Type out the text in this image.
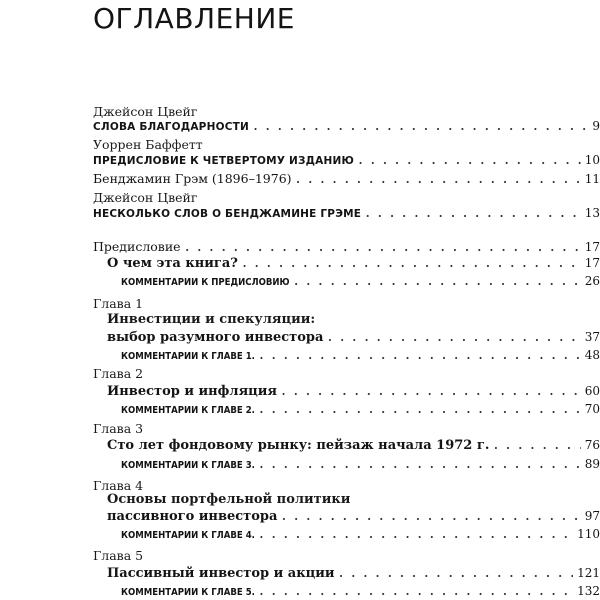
ОГЛАВЛЕНИЕ
Джейсон Цвейг
СЛОВА БЛАГОДАРНОСТИ . . .	9
Уоррен Баффетт
ПРЕДИСЛОВИЕ К ЧЕТВЕРТОМУ ИЗДАНИЮ . . .	10
Бенджамин Грэм (1896–1976) . . .	11
Джейсон Цвейг
НЕСКОЛЬКО СЛОВ О БЕНДЖАМИНЕ ГРЭМЕ . . .	13
Предисловие . . .	17
О чем эта книга? . . .	17
КОММЕНТАРИИ К ПРЕДИСЛОВИЮ . . .	26
Глава 1
Инвестиции и спекуляции:
выбор разумного инвестора . . .	37
КОММЕНТАРИИ К ГЛАВЕ 1. . . .	48
Глава 2
Инвестор и инфляция . . .	60
КОММЕНТАРИИ К ГЛАВЕ 2. . . .	70
Глава 3
Сто лет фондовому рынку: пейзаж начала 1972 г. . . .	76
КОММЕНТАРИИ К ГЛАВЕ 3. . . .	89
Глава 4
Основы портфельной политики
пассивного инвестора . . .	97
КОММЕНТАРИИ К ГЛАВЕ 4. . . .	110
Глава 5
Пассивный инвестор и акции . . .	121
КОММЕНТАРИИ К ГЛАВЕ 5. . . .	132
